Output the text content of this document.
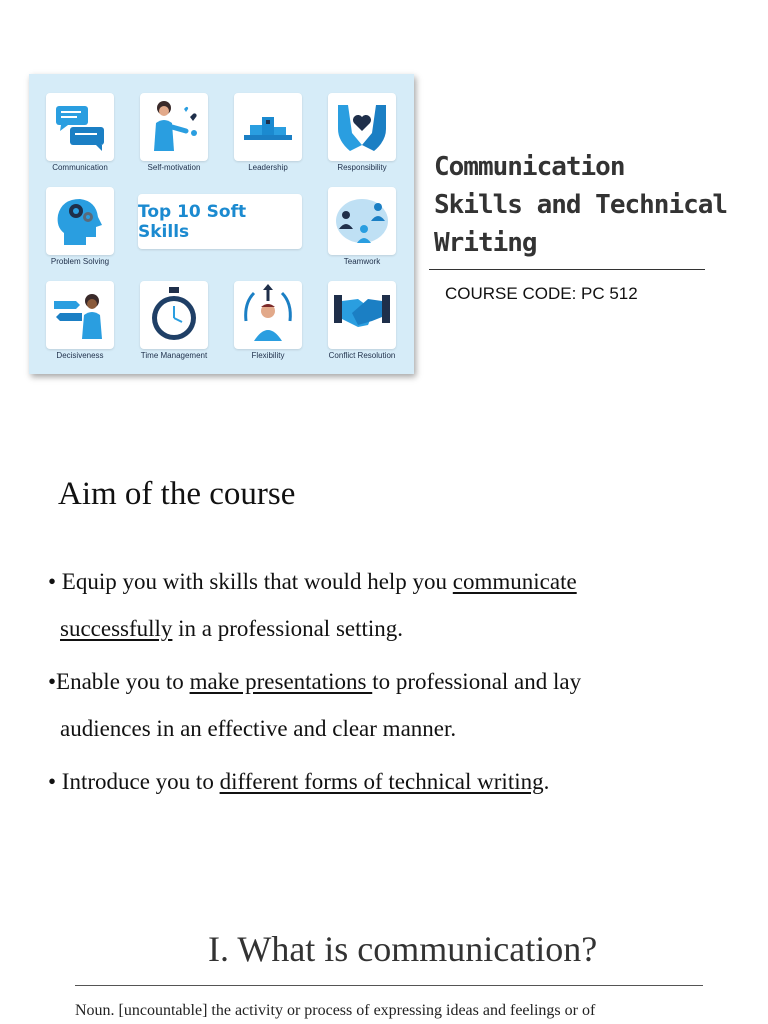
Communication	Self-motivation	Leadership	Responsibility
Problem Solving
Top 10 Soft Skills
Teamwork
Decisiveness	Time Management	Flexibility	Conflict Resolution
Communication
Skills and Technical
Writing
COURSE CODE: PC 512
Aim of the course

• Equip you with skills that would help you communicate
successfully in a professional setting.

•Enable you to make presentations to professional and lay
audiences in an effective and clear manner.

• Introduce you to different forms of technical writing.

I. What is communication?

Noun. [uncountable] the activity or process of expressing ideas and feelings or of
